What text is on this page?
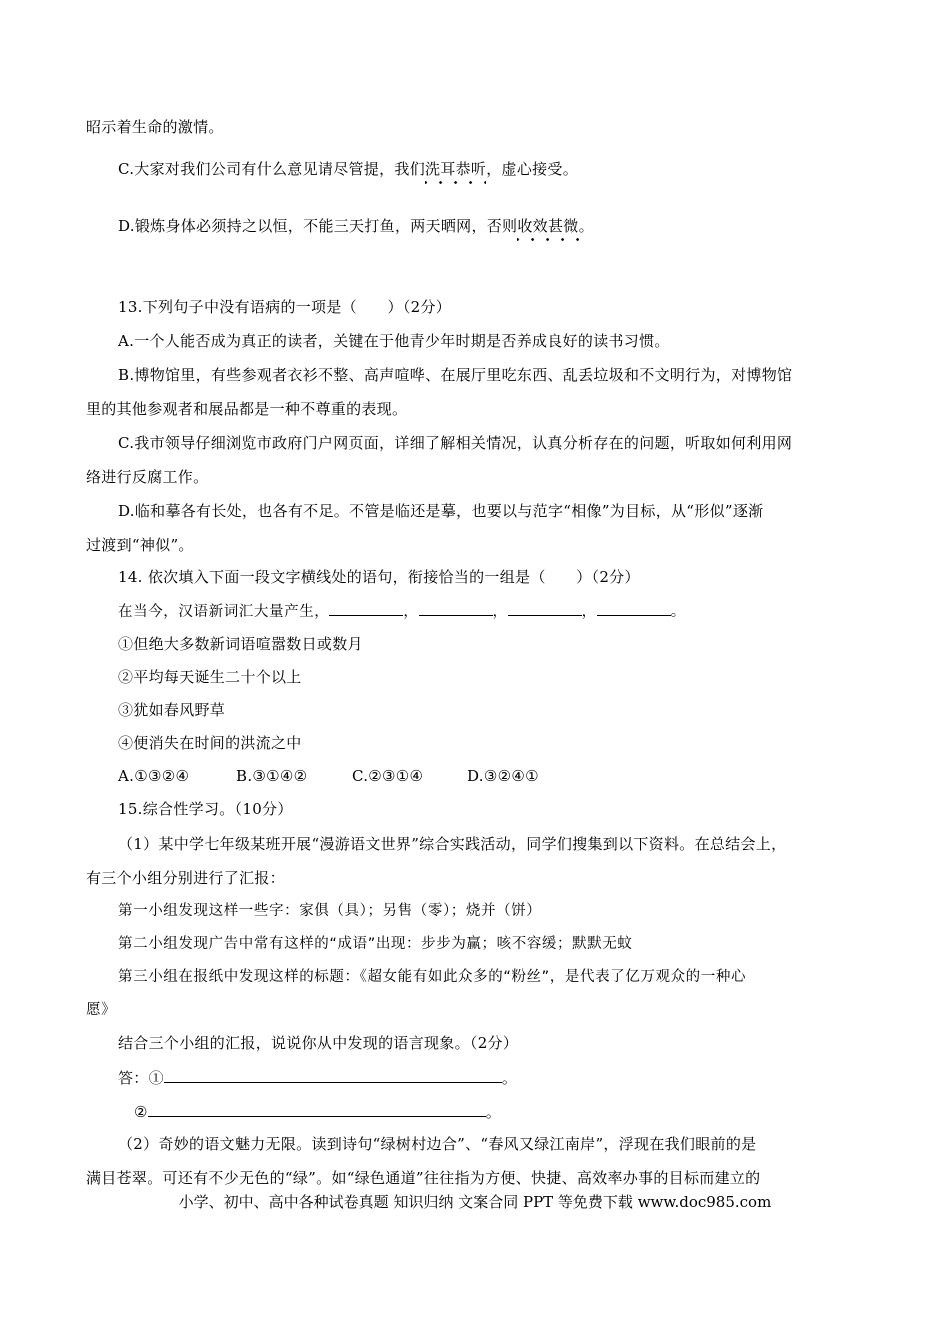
昭示着生命的激情。
C.大家对我们公司有什么意见请尽管提，我们洗耳恭听，虚心接受。
D.锻炼身体必须持之以恒，不能三天打鱼，两天晒网，否则收效甚微。
13.下列句子中没有语病的一项是（　　）（2分）
A.一个人能否成为真正的读者，关键在于他青少年时期是否养成良好的读书习惯。
B.博物馆里，有些参观者衣衫不整、高声喧哗、在展厅里吃东西、乱丢垃圾和不文明行为，对博物馆
里的其他参观者和展品都是一种不尊重的表现。
C.我市领导仔细浏览市政府门户网页面，详细了解相关情况，认真分析存在的问题，听取如何利用网
络进行反腐工作。
D.临和摹各有长处，也各有不足。不管是临还是摹，也要以与范字“相像”为目标，从“形似”逐渐
过渡到“神似”。
14. 依次填入下面一段文字横线处的语句，衔接恰当的一组是（　　）（2分）
在当今，汉语新词汇大量产生，	，	，	，	。
①但绝大多数新词语喧嚣数日或数月
②平均每天诞生二十个以上
③犹如春风野草
④便消失在时间的洪流之中
A.①③②④	B.③①④②	C.②③①④	D.③②④①
15.综合性学习。（10分）
（1）某中学七年级某班开展“漫游语文世界”综合实践活动，同学们搜集到以下资料。在总结会上，
有三个小组分别进行了汇报：
第一小组发现这样一些字：家俱（具）；另售（零）；烧并（饼）
第二小组发现广告中常有这样的“成语”出现：步步为赢；咳不容缓；默默无蚊
第三小组在报纸中发现这样的标题：《超女能有如此众多的“粉丝”，是代表了亿万观众的一种心
愿》
结合三个小组的汇报，说说你从中发现的语言现象。（2分）
答：①	。
②	。
（2）奇妙的语文魅力无限。读到诗句“绿树村边合”、“春风又绿江南岸”，浮现在我们眼前的是
满目苍翠。可还有不少无色的“绿”。如“绿色通道”往往指为方便、快捷、高效率办事的目标而建立的
小学、初中、高中各种试卷真题 知识归纳 文案合同 PPT 等免费下载 www.doc985.com
